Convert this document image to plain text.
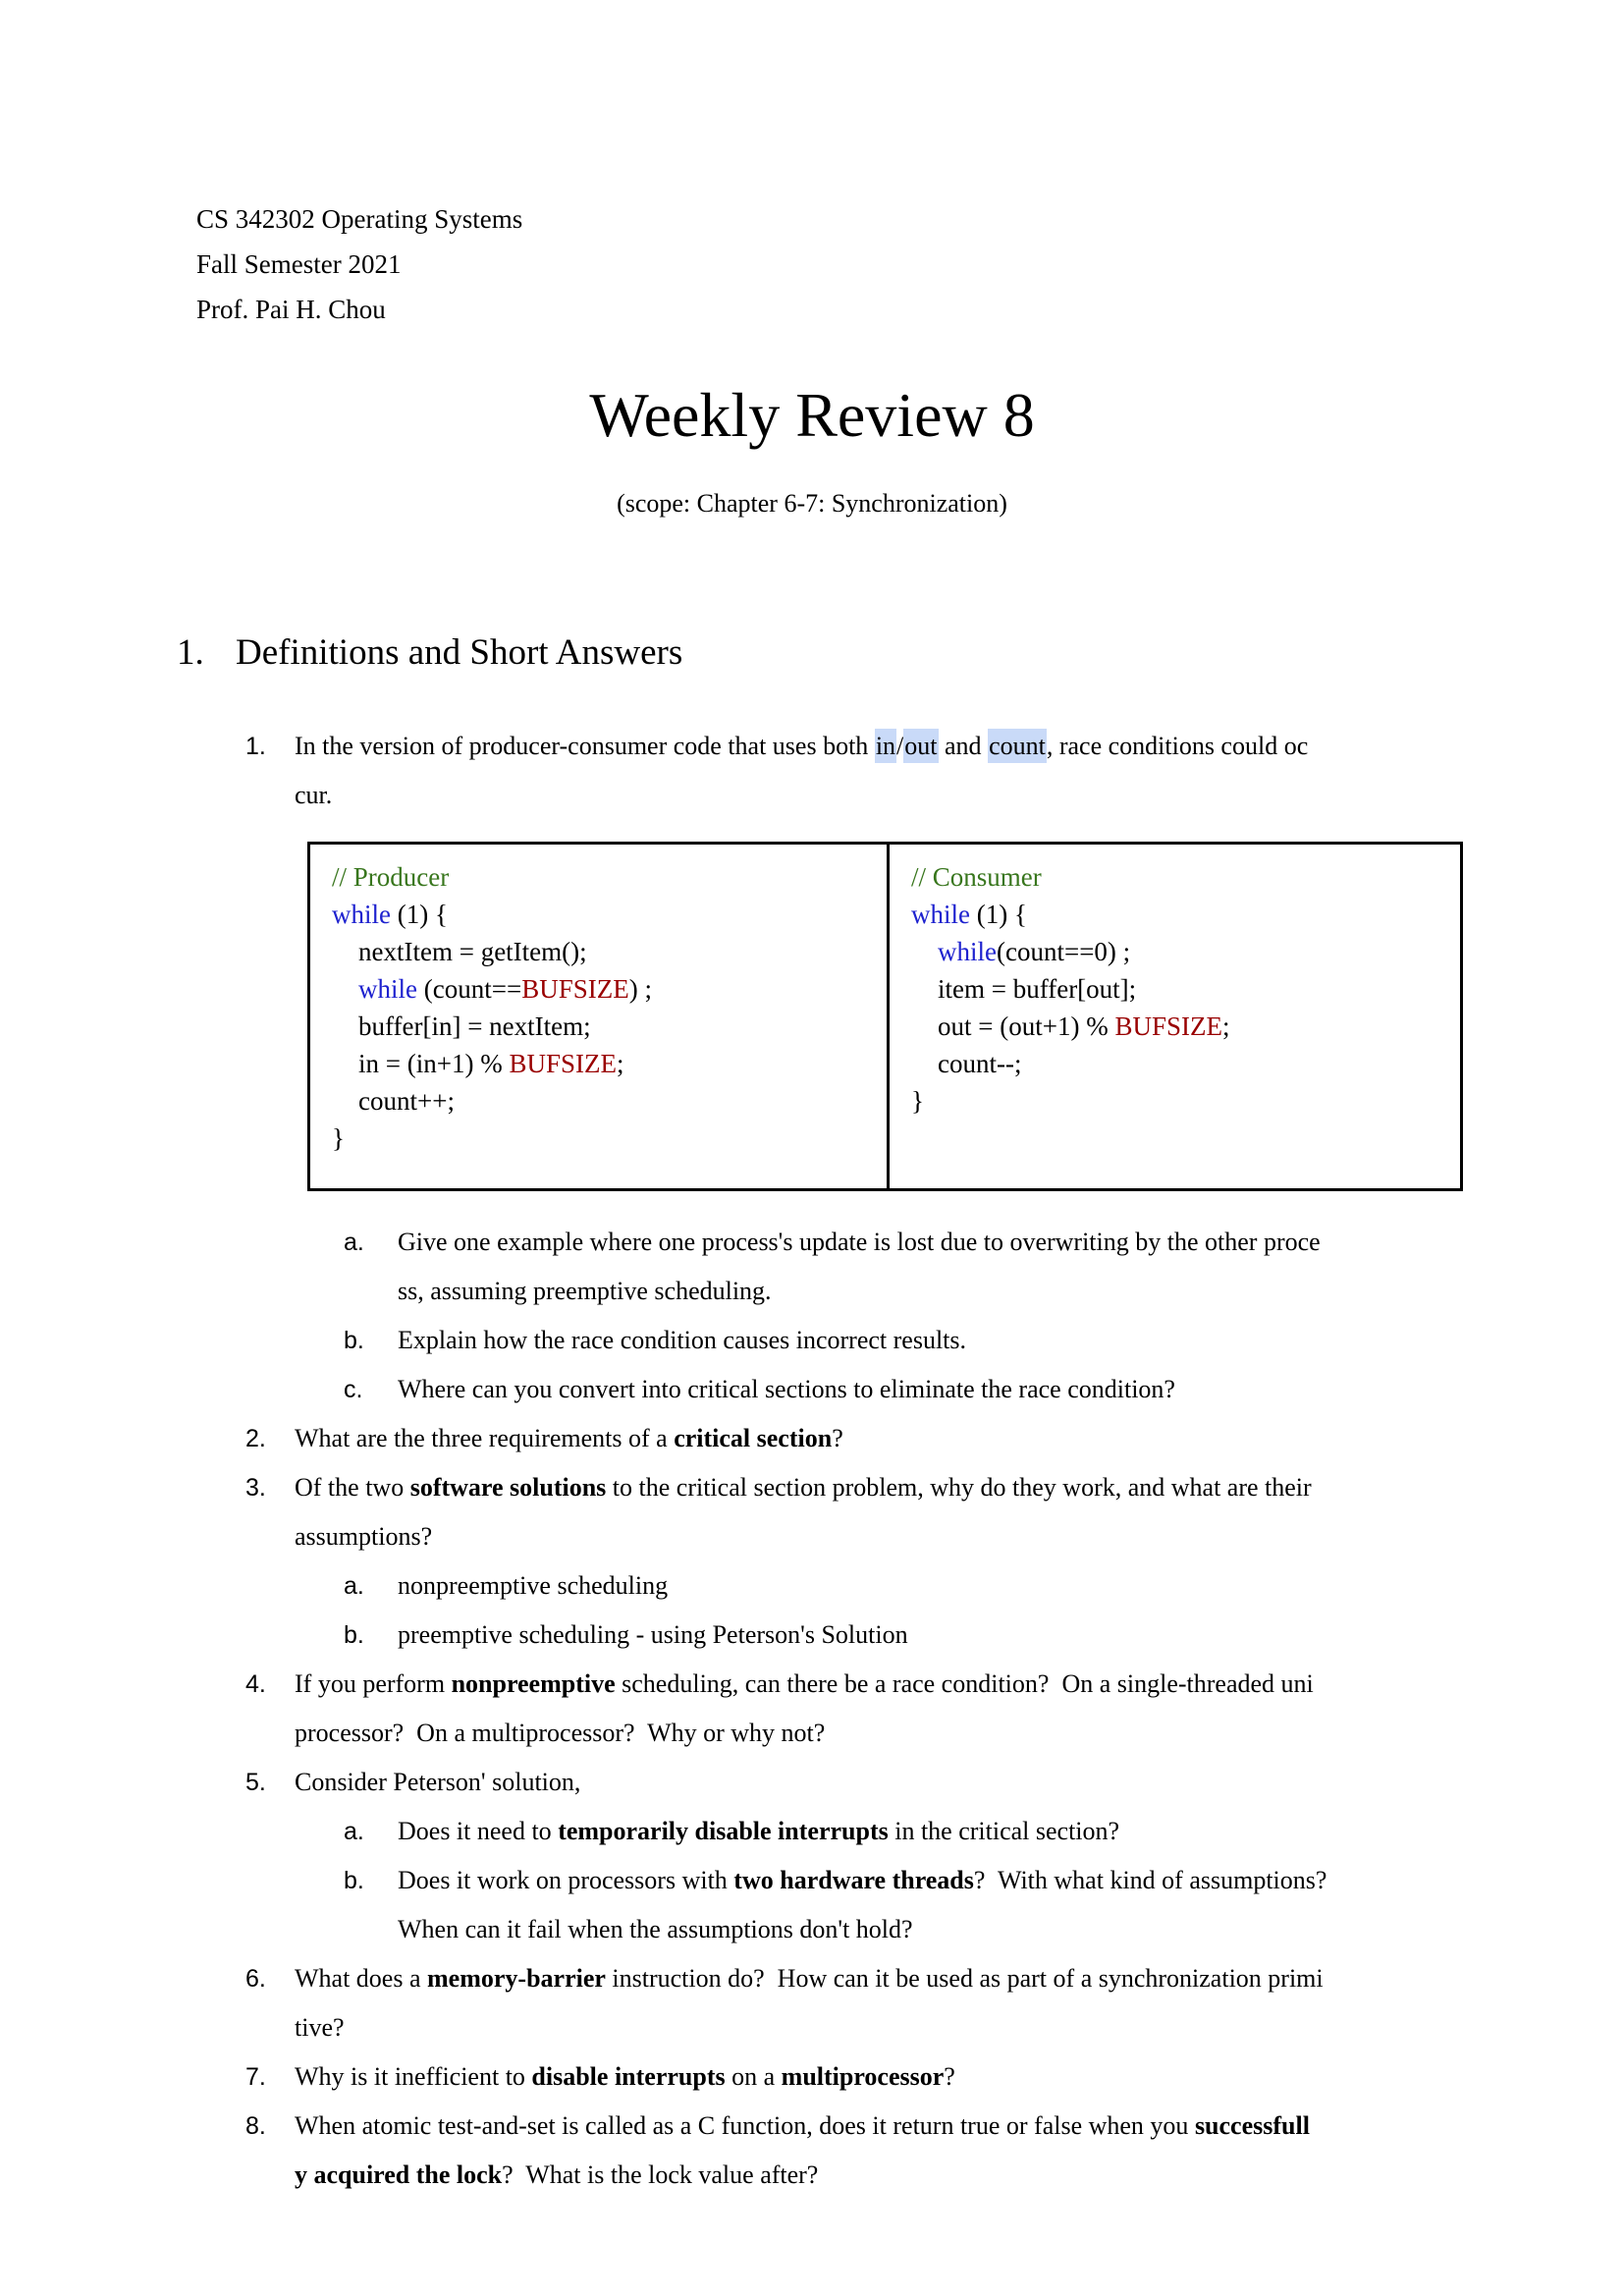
CS 342302 Operating Systems
Fall Semester 2021
Prof. Pai H. Chou
Weekly Review 8
(scope: Chapter 6-7: Synchronization)
1. Definitions and Short Answers
1. In the version of producer-consumer code that uses both in/out and count, race conditions could oc
cur.
// Producer
while (1) {
nextItem = getItem();
while (count==BUFSIZE) ;
buffer[in] = nextItem;
in = (in+1) % BUFSIZE;
count++;
}
// Consumer
while (1) {
while(count==0) ;
item = buffer[out];
out = (out+1) % BUFSIZE;
count--;
}
a. Give one example where one process's update is lost due to overwriting by the other proce
ss, assuming preemptive scheduling.
b. Explain how the race condition causes incorrect results.
c. Where can you convert into critical sections to eliminate the race condition?
2. What are the three requirements of a critical section?
3. Of the two software solutions to the critical section problem, why do they work, and what are their
assumptions?
a. nonpreemptive scheduling
b. preemptive scheduling - using Peterson's Solution
4. If you perform nonpreemptive scheduling, can there be a race condition?  On a single-threaded uni
processor?  On a multiprocessor?  Why or why not?
5. Consider Peterson' solution,
a. Does it need to temporarily disable interrupts in the critical section?
b. Does it work on processors with two hardware threads?  With what kind of assumptions?
When can it fail when the assumptions don't hold?
6. What does a memory-barrier instruction do?  How can it be used as part of a synchronization primi
tive?
7. Why is it inefficient to disable interrupts on a multiprocessor?
8. When atomic test-and-set is called as a C function, does it return true or false when you successfull
y acquired the lock?  What is the lock value after?
